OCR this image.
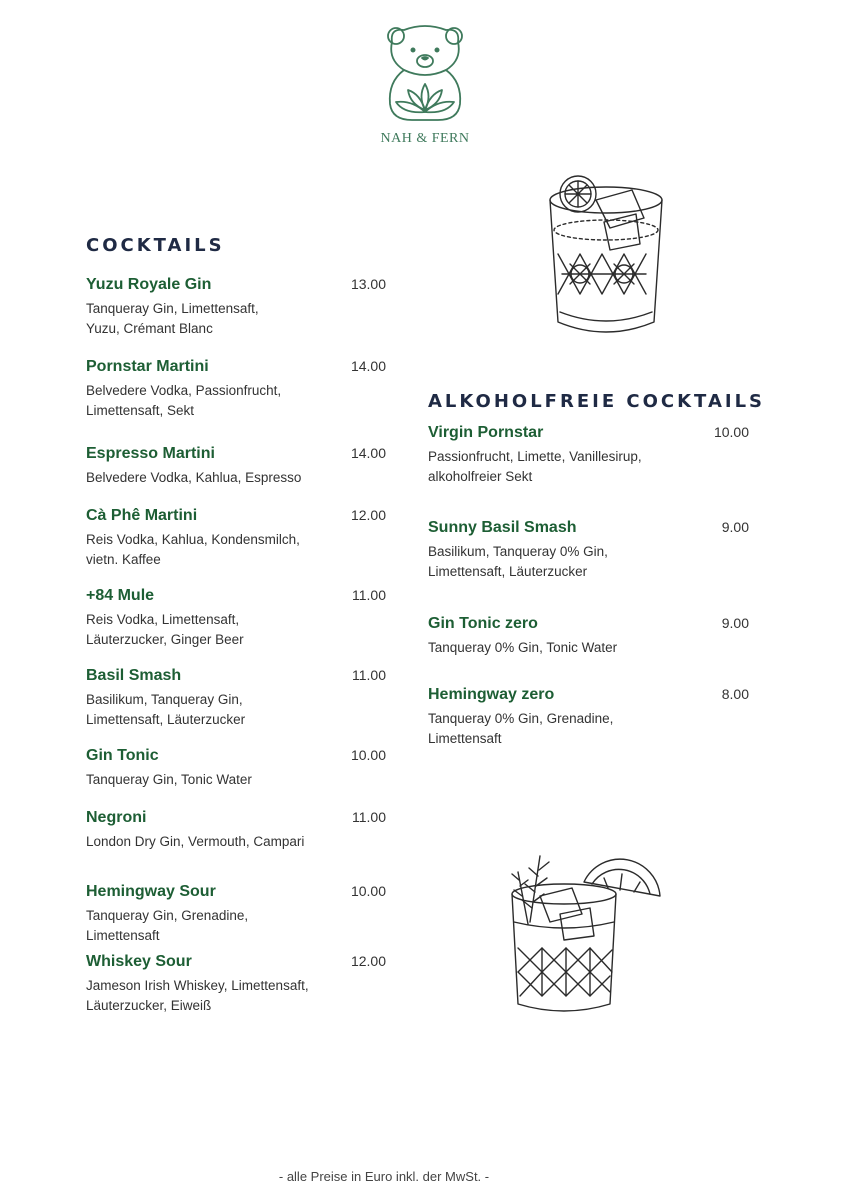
NAH & FERN
COCKTAILS
Yuzu Royale Gin	13.00
Tanqueray Gin, Limettensaft,
Yuzu, Crémant Blanc
Pornstar Martini	14.00
Belvedere Vodka, Passionfrucht,
Limettensaft, Sekt
Espresso Martini	14.00
Belvedere Vodka, Kahlua, Espresso
Cà Phê Martini	12.00
Reis Vodka, Kahlua, Kondensmilch,
vietn. Kaffee
+84 Mule	11.00
Reis Vodka, Limettensaft,
Läuterzucker, Ginger Beer
Basil Smash	11.00
Basilikum, Tanqueray Gin,
Limettensaft, Läuterzucker
Gin Tonic	10.00
Tanqueray Gin, Tonic Water
Negroni	11.00
London Dry Gin, Vermouth, Campari
Hemingway Sour	10.00
Tanqueray Gin, Grenadine,
Limettensaft
Whiskey Sour	12.00
Jameson Irish Whiskey, Limettensaft,
Läuterzucker, Eiweiß
ALKOHOLFREIE COCKTAILS
Virgin Pornstar	10.00
Passionfrucht, Limette, Vanillesirup,
alkoholfreier Sekt
Sunny Basil Smash	9.00
Basilikum, Tanqueray 0% Gin,
Limettensaft, Läuterzucker
Gin Tonic zero	9.00
Tanqueray 0% Gin, Tonic Water
Hemingway zero	8.00
Tanqueray 0% Gin, Grenadine,
Limettensaft
- alle Preise in Euro inkl. der MwSt. -
